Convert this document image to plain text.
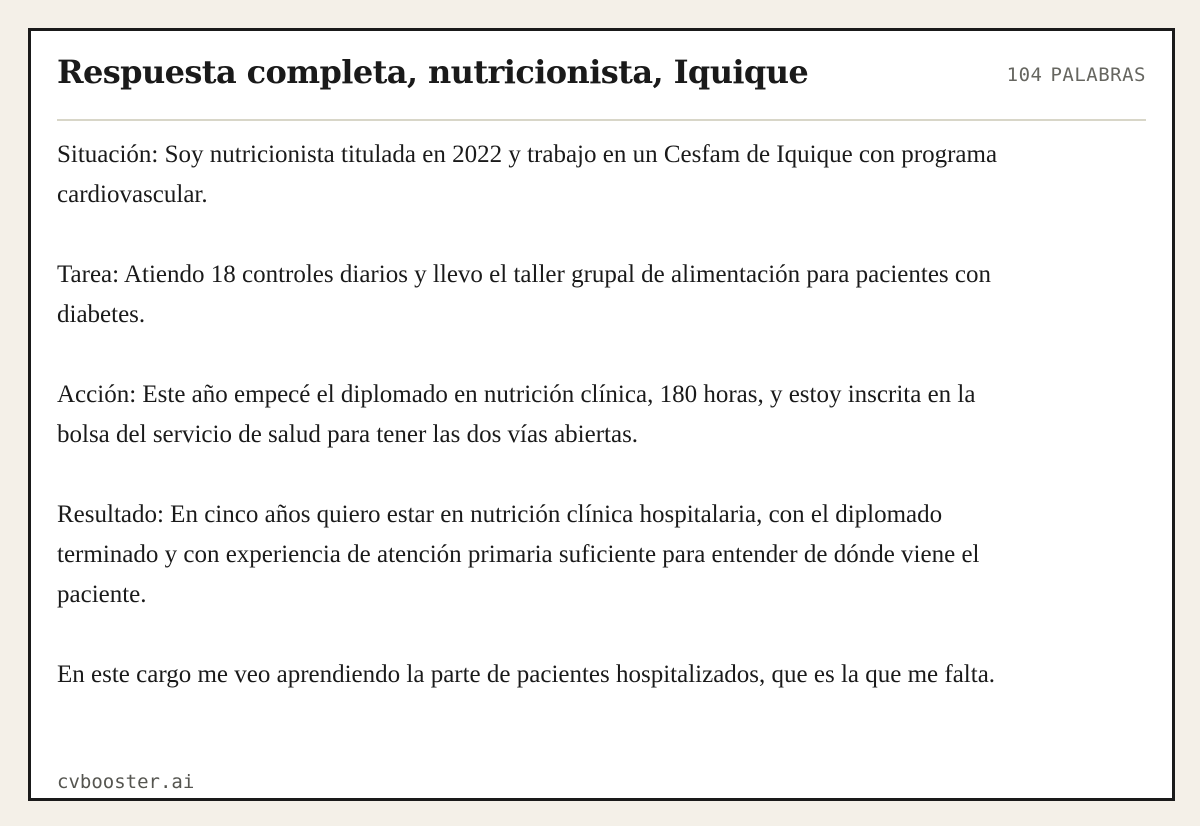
Respuesta completa, nutricionista, Iquique	104 PALABRAS

Situación: Soy nutricionista titulada en 2022 y trabajo en un Cesfam de Iquique con programa cardiovascular.

Tarea: Atiendo 18 controles diarios y llevo el taller grupal de alimentación para pacientes con diabetes.

Acción: Este año empecé el diplomado en nutrición clínica, 180 horas, y estoy inscrita en la bolsa del servicio de salud para tener las dos vías abiertas.

Resultado: En cinco años quiero estar en nutrición clínica hospitalaria, con el diplomado terminado y con experiencia de atención primaria suficiente para entender de dónde viene el paciente.

En este cargo me veo aprendiendo la parte de pacientes hospitalizados, que es la que me falta.

cvbooster.ai
